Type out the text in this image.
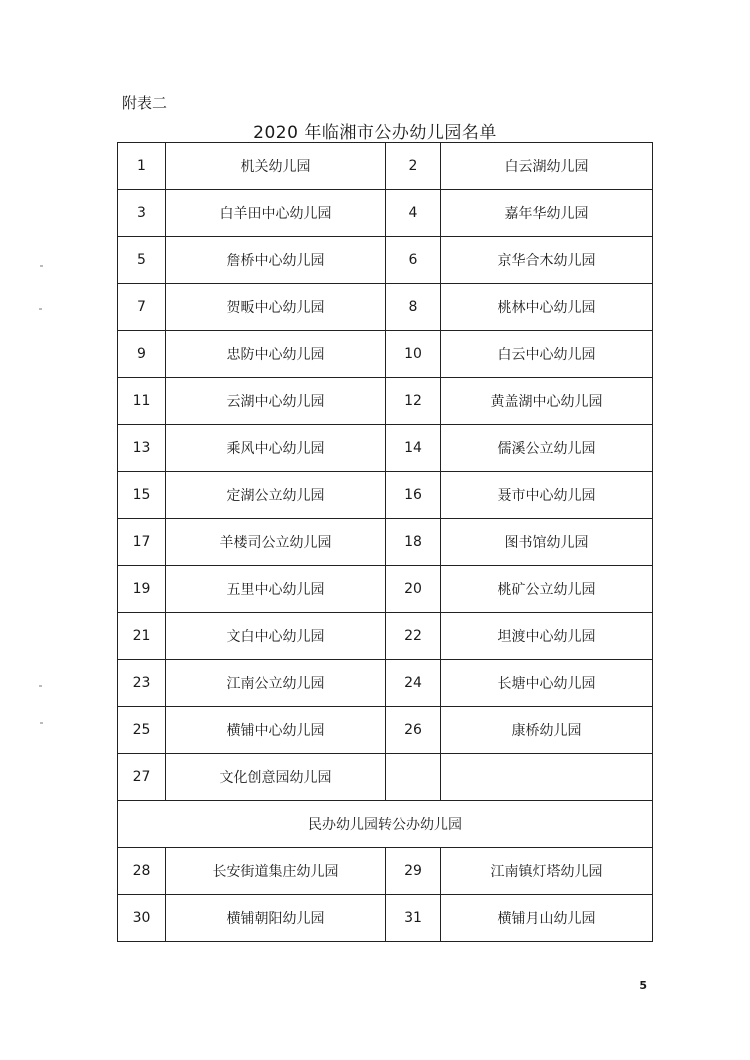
附表二
2020 年临湘市公办幼儿园名单
1	机关幼儿园	2	白云湖幼儿园
3	白羊田中心幼儿园	4	嘉年华幼儿园
5	詹桥中心幼儿园	6	京华合木幼儿园
7	贺畈中心幼儿园	8	桃林中心幼儿园
9	忠防中心幼儿园	10	白云中心幼儿园
11	云湖中心幼儿园	12	黄盖湖中心幼儿园
13	乘风中心幼儿园	14	儒溪公立幼儿园
15	定湖公立幼儿园	16	聂市中心幼儿园
17	羊楼司公立幼儿园	18	图书馆幼儿园
19	五里中心幼儿园	20	桃矿公立幼儿园
21	文白中心幼儿园	22	坦渡中心幼儿园
23	江南公立幼儿园	24	长塘中心幼儿园
25	横铺中心幼儿园	26	康桥幼儿园
27	文化创意园幼儿园		
民办幼儿园转公办幼儿园			
28	长安街道集庄幼儿园	29	江南镇灯塔幼儿园
30	横铺朝阳幼儿园	31	横铺月山幼儿园
5
